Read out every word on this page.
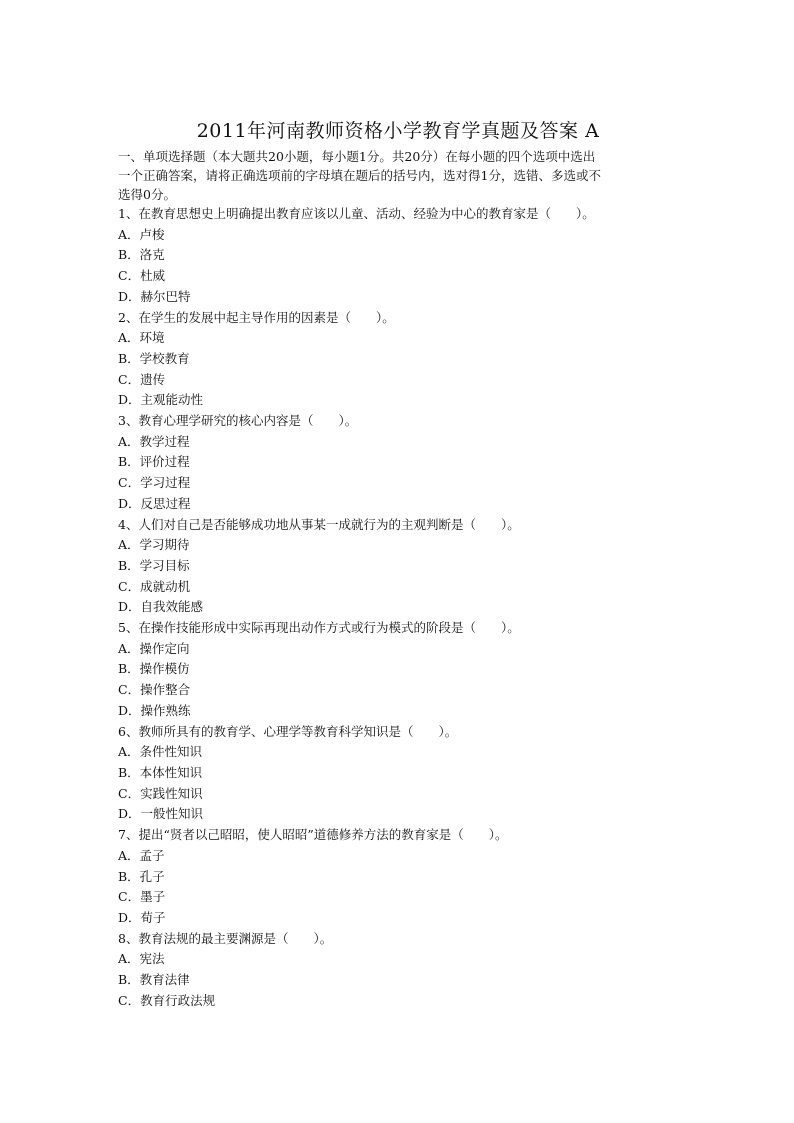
2011年河南教师资格小学教育学真题及答案 A

一、单项选择题（本大题共20小题，每小题1分。共20分）在每小题的四个选项中选出

一个正确答案，请将正确选项前的字母填在题后的括号内，选对得1分，选错、多选或不

选得0分。

1、在教育思想史上明确提出教育应该以儿童、活动、经验为中心的教育家是（　　）。

A．卢梭

B．洛克

C．杜威

D．赫尔巴特

2、在学生的发展中起主导作用的因素是（　　）。

A．环境

B．学校教育

C．遗传

D．主观能动性

3、教育心理学研究的核心内容是（　　）。

A．教学过程

B．评价过程

C．学习过程

D．反思过程

4、人们对自己是否能够成功地从事某一成就行为的主观判断是（　　）。

A．学习期待

B．学习目标

C．成就动机

D．自我效能感

5、在操作技能形成中实际再现出动作方式或行为模式的阶段是（　　）。

A．操作定向

B．操作模仿

C．操作整合

D．操作熟练

6、教师所具有的教育学、心理学等教育科学知识是（　　）。

A．条件性知识

B．本体性知识

C．实践性知识

D．一般性知识

7、提出“贤者以己昭昭，使人昭昭”道德修养方法的教育家是（　　）。

A．孟子

B．孔子

C．墨子

D．荀子

8、教育法规的最主要渊源是（　　）。

A．宪法

B．教育法律

C．教育行政法规
